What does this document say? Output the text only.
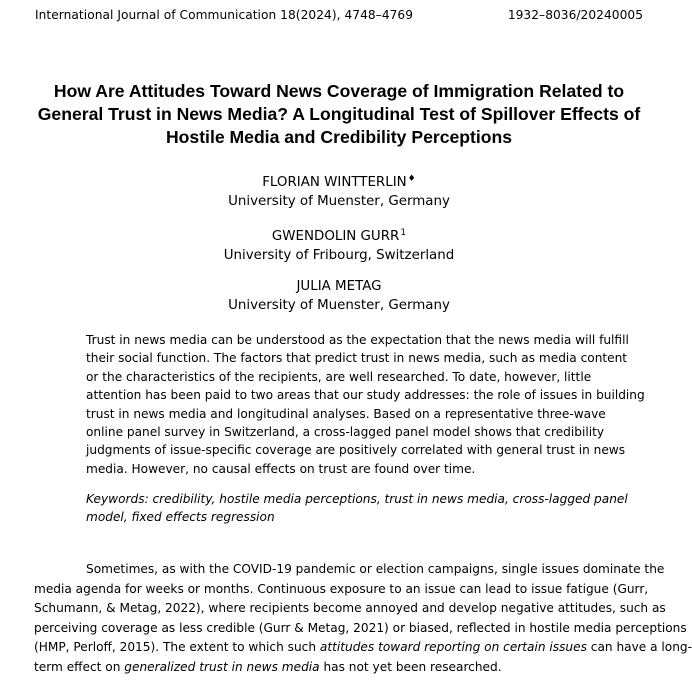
International Journal of Communication 18(2024), 4748–4769	1932–8036/20240005
How Are Attitudes Toward News Coverage of Immigration Related to
General Trust in News Media? A Longitudinal Test of Spillover Effects of
Hostile Media and Credibility Perceptions
FLORIAN WINTTERLIN♦
University of Muenster, Germany
GWENDOLIN GURR$^1$
University of Fribourg, Switzerland
JULIA METAG
University of Muenster, Germany
Trust in news media can be understood as the expectation that the news media will fulfill
their social function. The factors that predict trust in news media, such as media content
or the characteristics of the recipients, are well researched. To date, however, little
attention has been paid to two areas that our study addresses: the role of issues in building
trust in news media and longitudinal analyses. Based on a representative three-wave
online panel survey in Switzerland, a cross-lagged panel model shows that credibility
judgments of issue-specific coverage are positively correlated with general trust in news
media. However, no causal effects on trust are found over time.
Keywords: credibility, hostile media perceptions, trust in news media, cross-lagged panel
model, fixed effects regression
Sometimes, as with the COVID-19 pandemic or election campaigns, single issues dominate the
media agenda for weeks or months. Continuous exposure to an issue can lead to issue fatigue (Gurr,
Schumann, & Metag, 2022), where recipients become annoyed and develop negative attitudes, such as
perceiving coverage as less credible (Gurr & Metag, 2021) or biased, reflected in hostile media perceptions
(HMP, Perloff, 2015). The extent to which such attitudes toward reporting on certain issues can have a long-
term effect on generalized trust in news media has not yet been researched.
